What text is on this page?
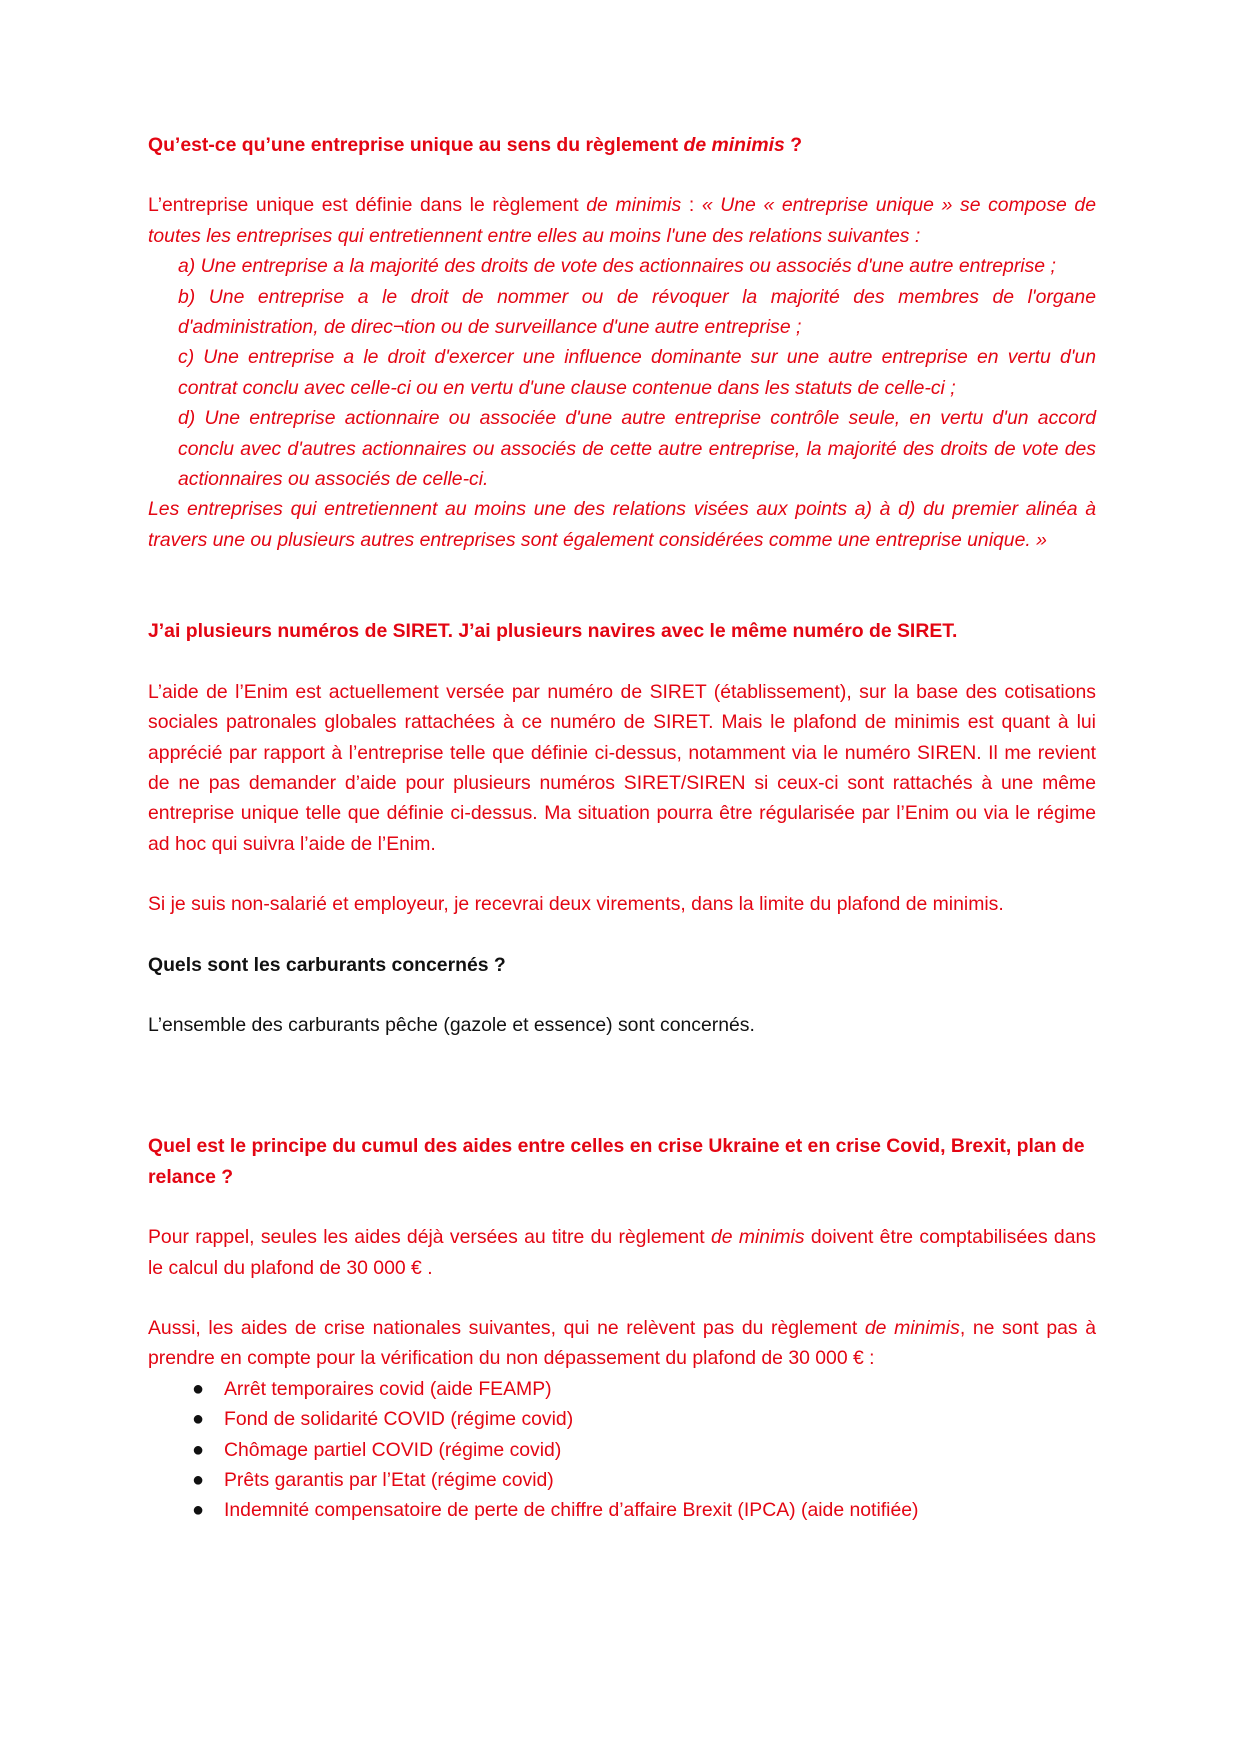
Qu’est-ce qu’une entreprise unique au sens du règlement de minimis ?

L’entreprise unique est définie dans le règlement de minimis : « Une « entreprise unique » se compose de toutes les entreprises qui entretiennent entre elles au moins l'une des relations suivantes :

a) Une entreprise a la majorité des droits de vote des actionnaires ou associés d'une autre entreprise ;

b) Une entreprise a le droit de nommer ou de révoquer la majorité des membres de l'organe d'administration, de direc¬tion ou de surveillance d'une autre entreprise ;

c) Une entreprise a le droit d'exercer une influence dominante sur une autre entreprise en vertu d'un contrat conclu avec celle-ci ou en vertu d'une clause contenue dans les statuts de celle-ci ;

d) Une entreprise actionnaire ou associée d'une autre entreprise contrôle seule, en vertu d'un accord conclu avec d'autres actionnaires ou associés de cette autre entreprise, la majorité des droits de vote des actionnaires ou associés de celle-ci.

Les entreprises qui entretiennent au moins une des relations visées aux points a) à d) du premier alinéa à travers une ou plusieurs autres entreprises sont également considérées comme une entreprise unique. »

J’ai plusieurs numéros de SIRET. J’ai plusieurs navires avec le même numéro de SIRET.

L’aide de l’Enim est actuellement versée par numéro de SIRET (établissement), sur la base des cotisations sociales patronales globales rattachées à ce numéro de SIRET. Mais le plafond de minimis est quant à lui apprécié par rapport à l’entreprise telle que définie ci-dessus, notamment via le numéro SIREN. Il me revient de ne pas demander d’aide pour plusieurs numéros SIRET/SIREN si ceux-ci sont rattachés à une même entreprise unique telle que définie ci-dessus. Ma situation pourra être régularisée par l’Enim ou via le régime ad hoc qui suivra l’aide de l’Enim.

Si je suis non-salarié et employeur, je recevrai deux virements, dans la limite du plafond de minimis.

Quels sont les carburants concernés ?

L’ensemble des carburants pêche (gazole et essence) sont concernés.

Quel est le principe du cumul des aides entre celles en crise Ukraine et en crise Covid, Brexit, plan de relance ?

Pour rappel, seules les aides déjà versées au titre du règlement de minimis doivent être comptabilisées dans le calcul du plafond de 30 000 € .

Aussi, les aides de crise nationales suivantes, qui ne relèvent pas du règlement de minimis, ne sont pas à prendre en compte pour la vérification du non dépassement du plafond de 30 000 € :

● Arrêt temporaires covid (aide FEAMP)
● Fond de solidarité COVID (régime covid)
● Chômage partiel COVID (régime covid)
● Prêts garantis par l’Etat (régime covid)
● Indemnité compensatoire de perte de chiffre d’affaire Brexit (IPCA) (aide notifiée)
